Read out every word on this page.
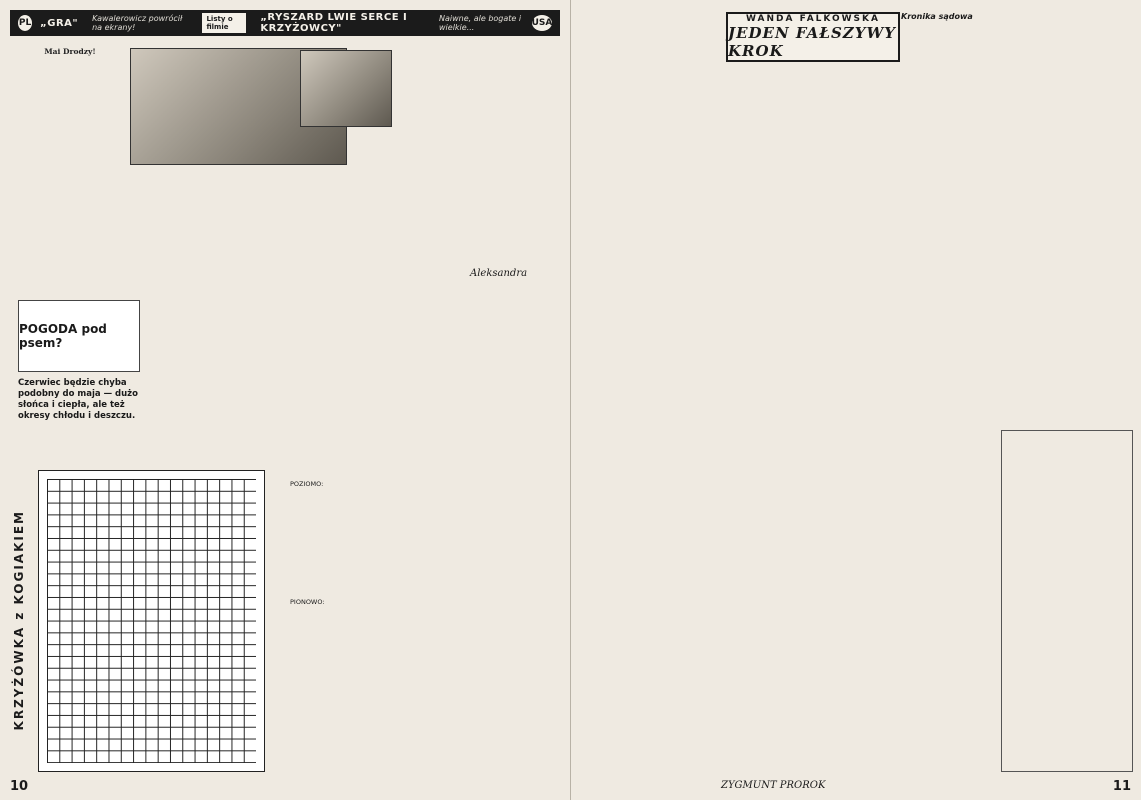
PL „GRA" Kawalerowicz powrócił na ekrany!
Listy o filmie
„RYSZARD LWIE SERCE I KRZYŻOWCY"
Naiwne, ale bogate i wielkie...	USA
Mai Drodzy!
Aleksandra
POGODA pod psem?
Czerwiec będzie chyba podobny do maja — dużo słońca i ciepła, ale też okresy chłodu i deszczu.
KRZYŻÓWKA z KOGIAKIEM
POZIOMO:
PIONOWO:
10
WANDA FALKOWSKA
JEDEN FAŁSZYWY KROK
Kronika sądowa
ZYGMUNT PROROK	11
